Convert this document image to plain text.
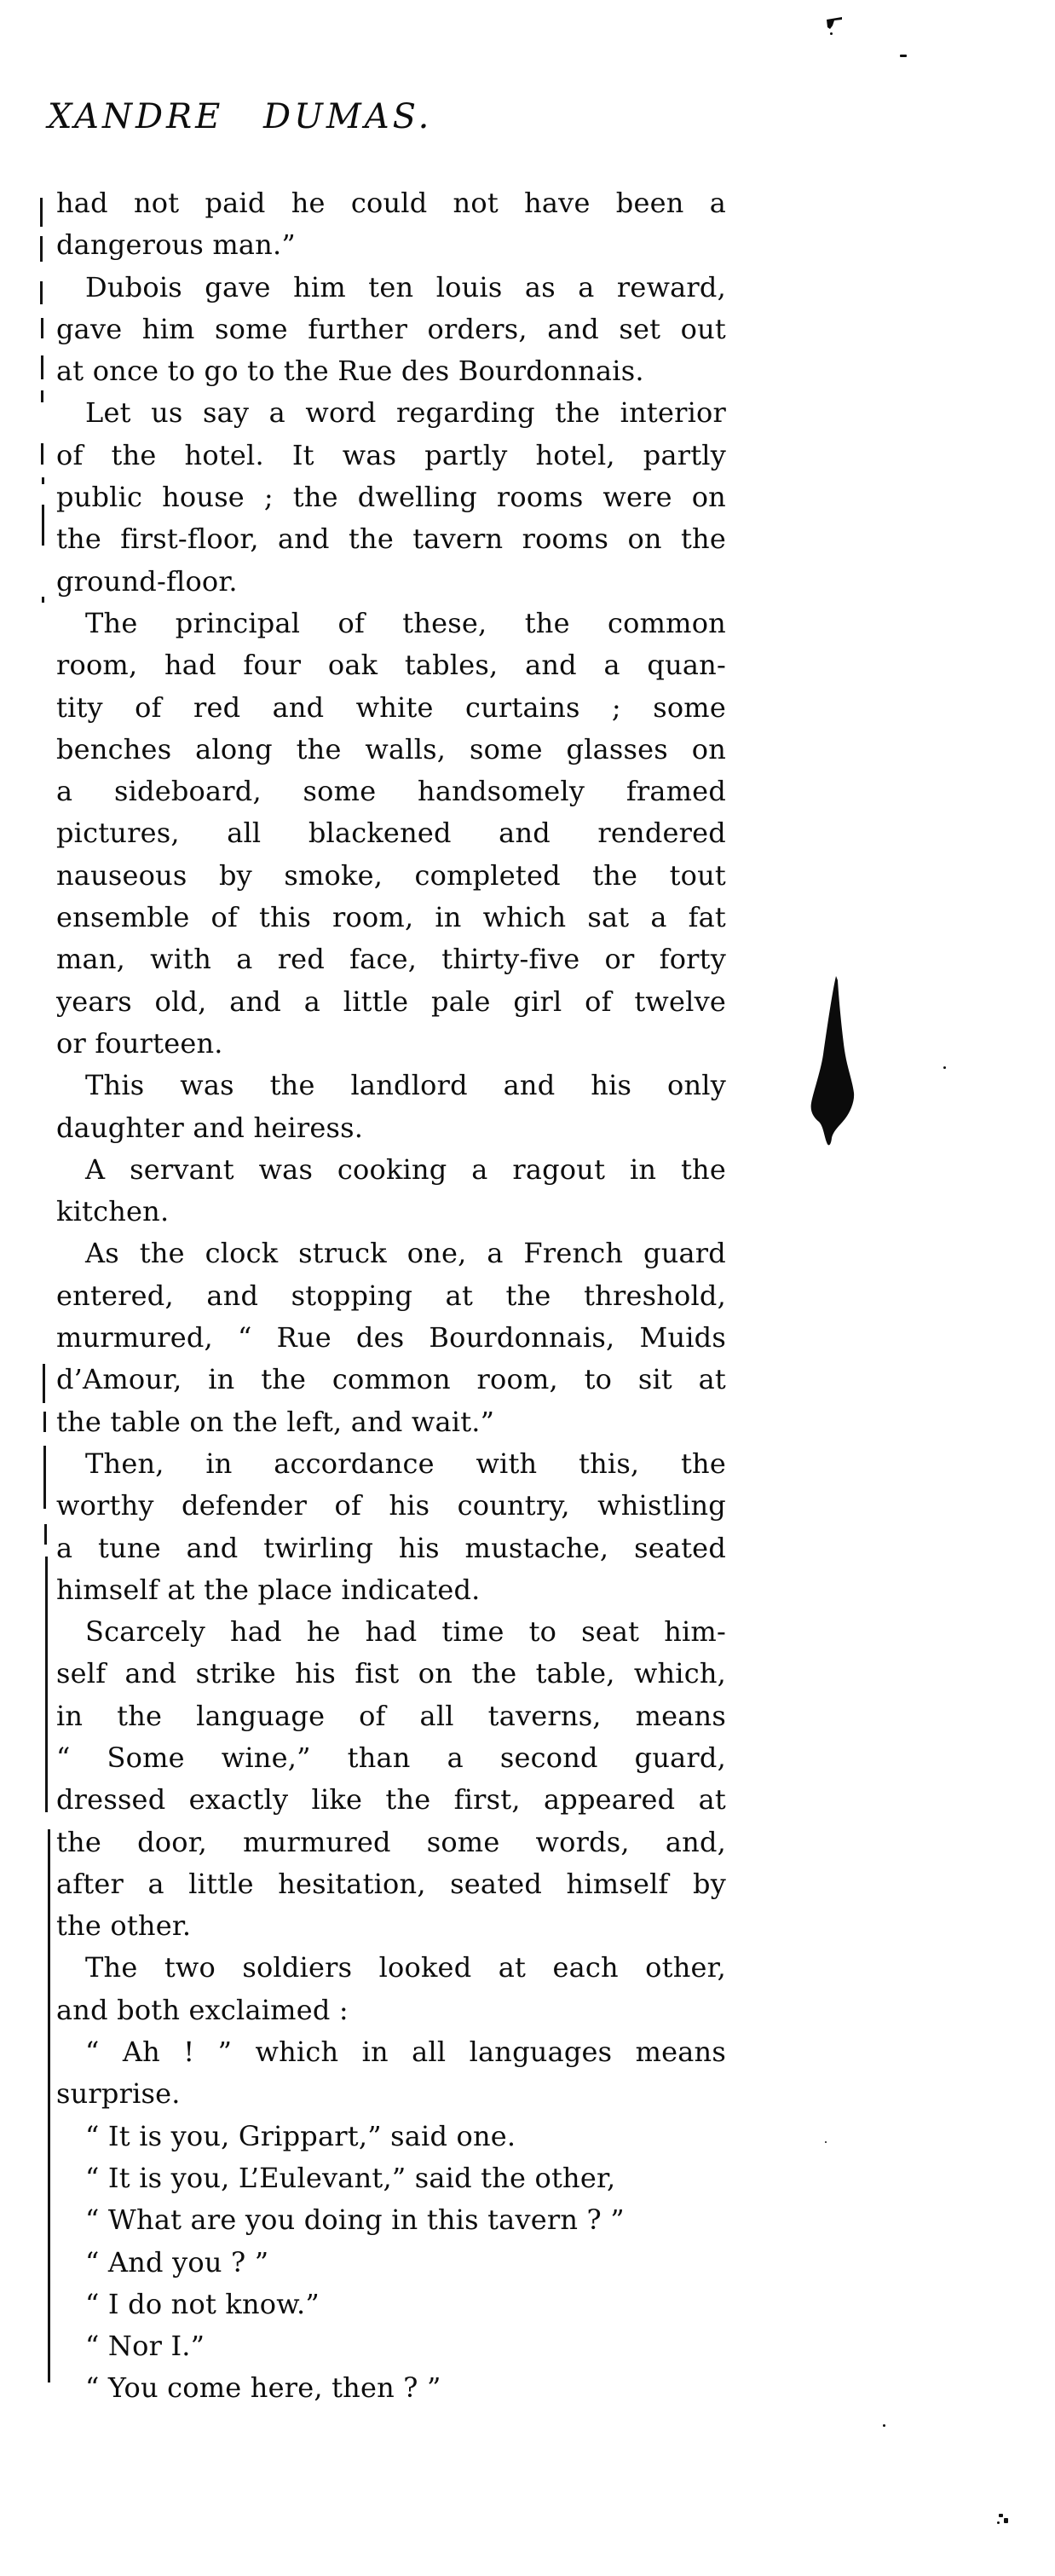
XANDRE DUMAS.

had not paid he could not have been a
dangerous man.”

Dubois gave him ten louis as a reward,
gave him some further orders, and set out
at once to go to the Rue des Bourdonnais.

Let us say a word regarding the interior
of the hotel. It was partly hotel, partly
public house ; the dwelling rooms were on
the first-floor, and the tavern rooms on the
ground-floor.

The principal of these, the common
room, had four oak tables, and a quan-
tity of red and white curtains ; some
benches along the walls, some glasses on
a sideboard, some handsomely framed
pictures, all blackened and rendered
nauseous by smoke, completed the tout
ensemble of this room, in which sat a fat
man, with a red face, thirty-five or forty
years old, and a little pale girl of twelve
or fourteen.

This was the landlord and his only
daughter and heiress.

A servant was cooking a ragout in the
kitchen.

As the clock struck one, a French guard
entered, and stopping at the threshold,
murmured, “ Rue des Bourdonnais, Muids
d’Amour, in the common room, to sit at
the table on the left, and wait.”

Then, in accordance with this, the
worthy defender of his country, whistling
a tune and twirling his mustache, seated
himself at the place indicated.

Scarcely had he had time to seat him-
self and strike his fist on the table, which,
in the language of all taverns, means
“ Some wine,” than a second guard,
dressed exactly like the first, appeared at
the door, murmured some words, and,
after a little hesitation, seated himself by
the other.

The two soldiers looked at each other,
and both exclaimed :

“ Ah ! ” which in all languages means
surprise.

“ It is you, Grippart,” said one.

“ It is you, L’Eulevant,” said the other,

“ What are you doing in this tavern ? ”

“ And you ? ”

“ I do not know.”

“ Nor I.”

“ You come here, then ? ”
